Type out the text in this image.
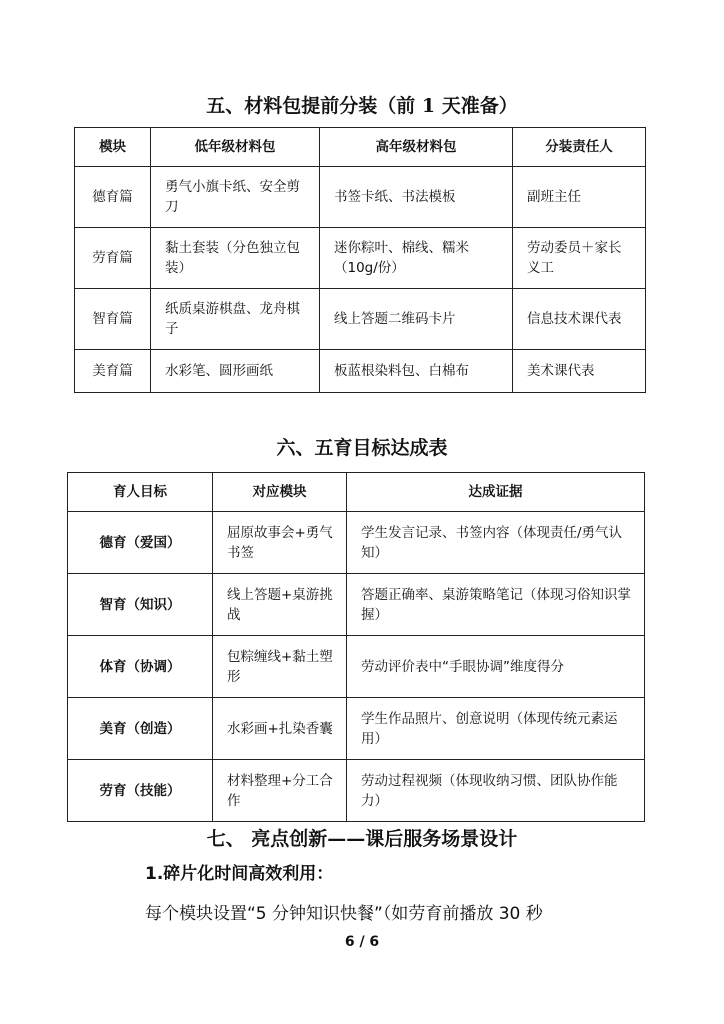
五、材料包提前分装（前 1 天准备）
模块	低年级材料包	高年级材料包	分装责任人
德育篇	勇气小旗卡纸、安全剪刀	书签卡纸、书法模板	副班主任
劳育篇	黏土套装（分色独立包装）	迷你粽叶、棉线、糯米（10g/份）	劳动委员＋家长义工
智育篇	纸质桌游棋盘、龙舟棋子	线上答题二维码卡片	信息技术课代表
美育篇	水彩笔、圆形画纸	板蓝根染料包、白棉布	美术课代表
六、五育目标达成表
育人目标	对应模块	达成证据
德育（爱国）	屈原故事会+勇气书签	学生发言记录、书签内容（体现责任/勇气认知）
智育（知识）	线上答题+桌游挑战	答题正确率、桌游策略笔记（体现习俗知识掌握）
体育（协调）	包粽缠线+黏土塑形	劳动评价表中“手眼协调”维度得分
美育（创造）	水彩画+扎染香囊	学生作品照片、创意说明（体现传统元素运用）
劳育（技能）	材料整理+分工合作	劳动过程视频（体现收纳习惯、团队协作能力）
七、 亮点创新——课后服务场景设计
1.碎片化时间高效利用：
每个模块设置“5 分钟知识快餐”（如劳育前播放 30 秒
6 / 6
